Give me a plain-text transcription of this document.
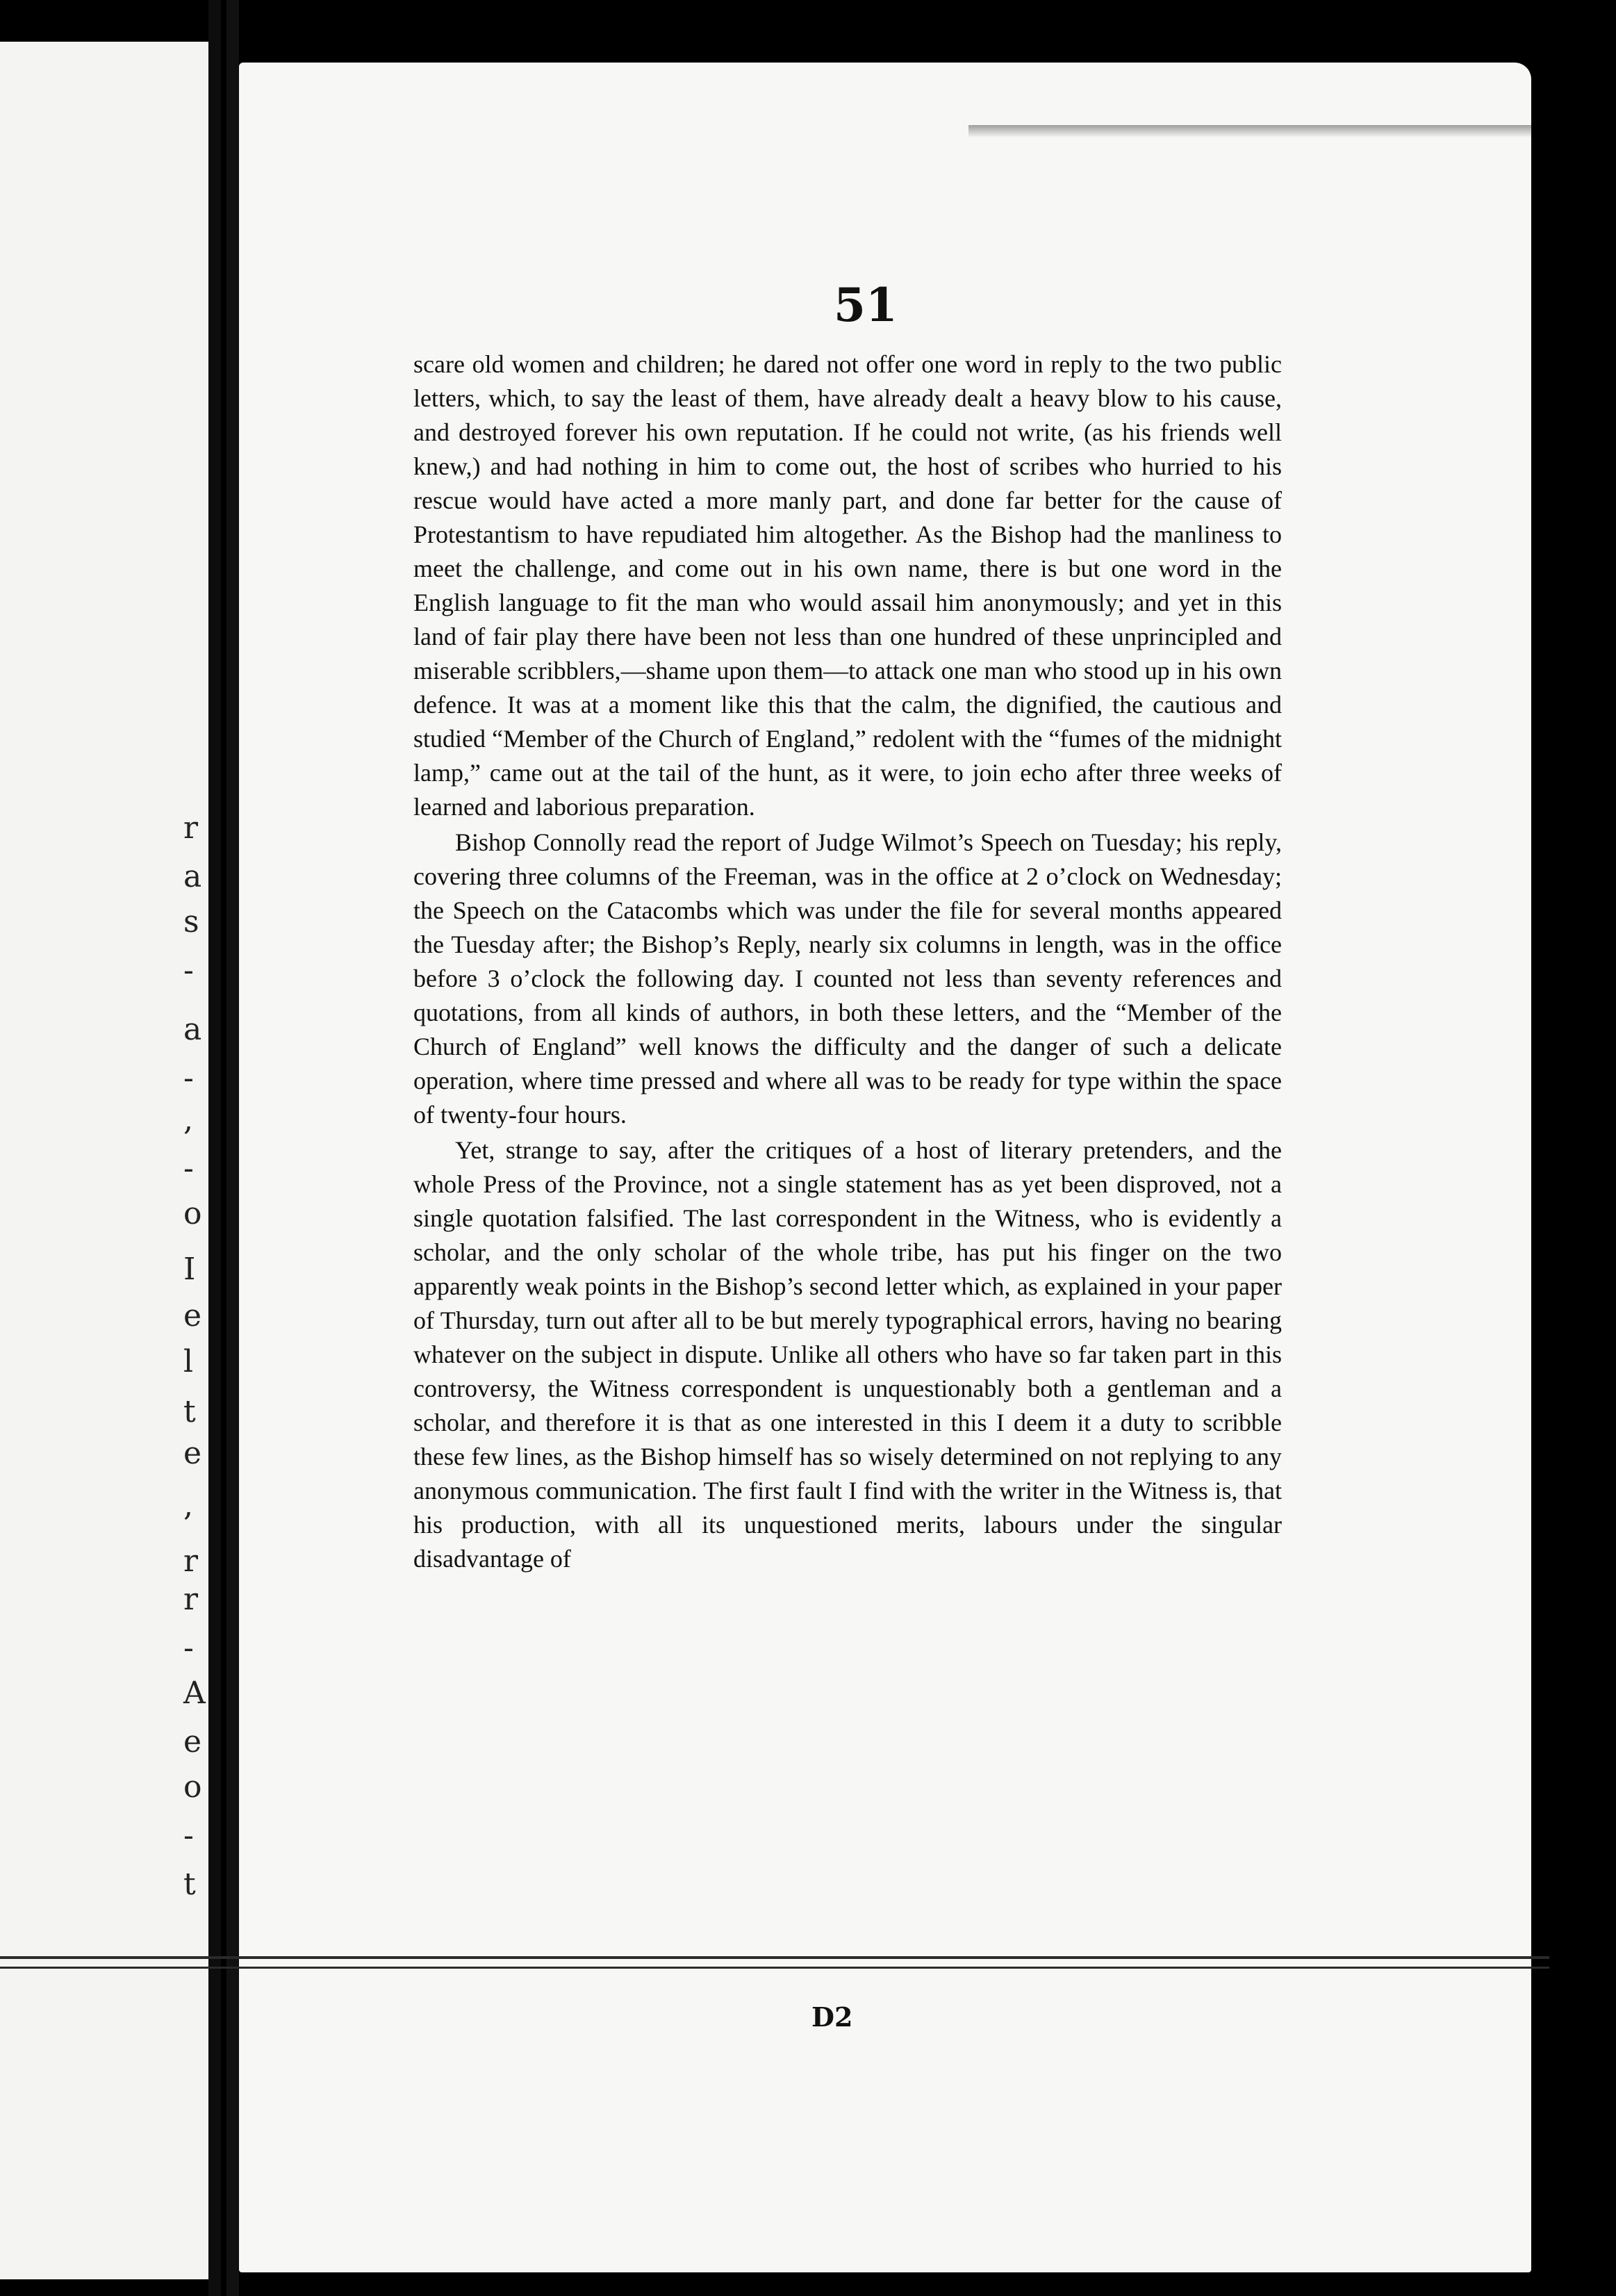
r
a
s
-
a
-
,
-
o
I
e
l
t
e
,
r
r
-
A
e
o
-
t
51

scare old women and children; he dared not offer one word in reply to the two public letters, which, to say the least of them, have already dealt a heavy blow to his cause, and destroyed forever his own reputation. If he could not write, (as his friends well knew,) and had nothing in him to come out, the host of scribes who hurried to his rescue would have acted a more manly part, and done far better for the cause of Protestantism to have repudiated him altogether. As the Bishop had the manliness to meet the challenge, and come out in his own name, there is but one word in the English language to fit the man who would assail him anonymously; and yet in this land of fair play there have been not less than one hundred of these unprincipled and miserable scribblers,—shame upon them—to attack one man who stood up in his own defence. It was at a moment like this that the calm, the dignified, the cautious and studied “Member of the Church of England,” redolent with the “fumes of the midnight lamp,” came out at the tail of the hunt, as it were, to join echo after three weeks of learned and laborious preparation.

Bishop Connolly read the report of Judge Wilmot’s Speech on Tuesday; his reply, covering three columns of the Freeman, was in the office at 2 o’clock on Wednesday; the Speech on the Catacombs which was under the file for several months appeared the Tuesday after; the Bishop’s Reply, nearly six columns in length, was in the office before 3 o’clock the following day. I counted not less than seventy references and quotations, from all kinds of authors, in both these letters, and the “Member of the Church of England” well knows the difficulty and the danger of such a delicate operation, where time pressed and where all was to be ready for type within the space of twenty-four hours.

Yet, strange to say, after the critiques of a host of literary pretenders, and the whole Press of the Province, not a single statement has as yet been disproved, not a single quotation falsified. The last correspondent in the Witness, who is evidently a scholar, and the only scholar of the whole tribe, has put his finger on the two apparently weak points in the Bishop’s second letter which, as explained in your paper of Thursday, turn out after all to be but merely typographical errors, having no bearing whatever on the subject in dispute. Unlike all others who have so far taken part in this controversy, the Witness correspondent is unquestionably both a gentleman and a scholar, and therefore it is that as one interested in this I deem it a duty to scribble these few lines, as the Bishop himself has so wisely determined on not replying to any anonymous communication. The first fault I find with the writer in the Witness is, that his production, with all its unquestioned merits, labours under the singular disadvantage of

D2
